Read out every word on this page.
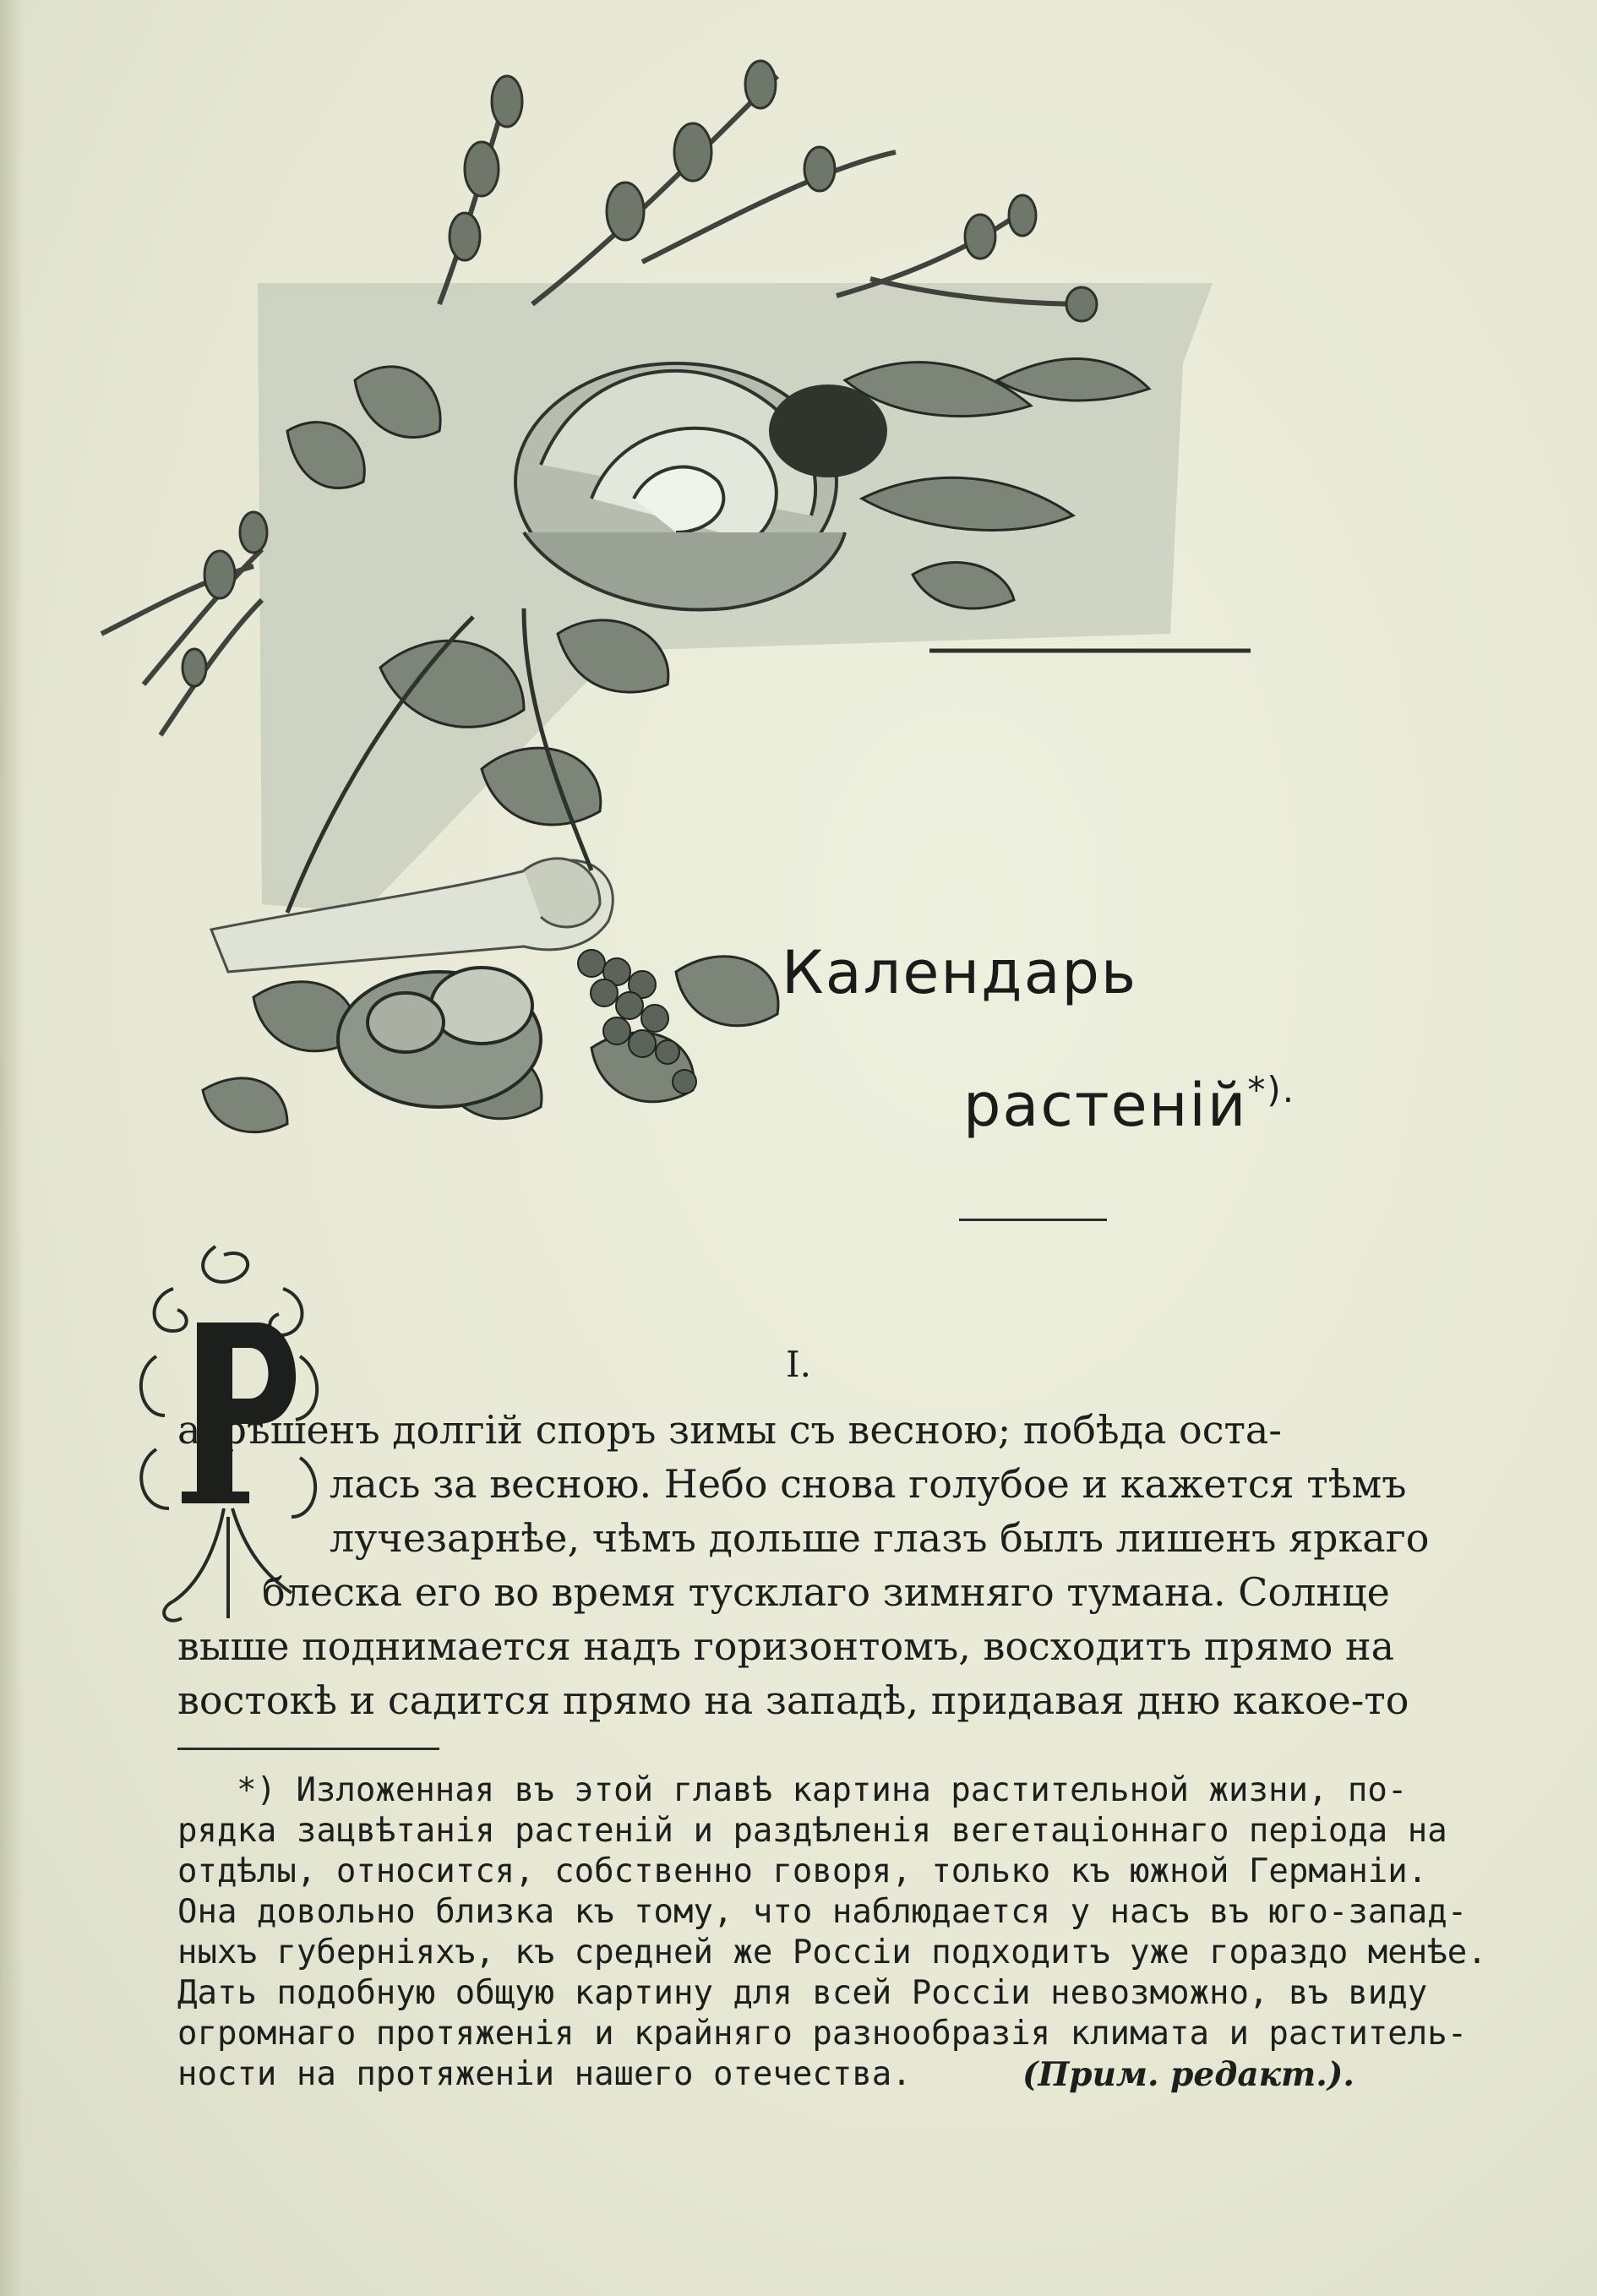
Календарь
растеній*).
Р
I.
азрѣшенъ долгій споръ зимы съ весною; побѣда оста-
лась за весною. Небо снова голубое и кажется тѣмъ
лучезарнѣе, чѣмъ дольше глазъ былъ лишенъ яркаго
блеска его во время тусклаго зимняго тумана. Солнце
выше поднимается надъ горизонтомъ, восходитъ прямо на
востокѣ и садится прямо на западѣ, придавая дню какое-то
*) Изложенная въ этой главѣ картина растительной жизни, по-
рядка зацвѣтанія растеній и раздѣленія вегетаціоннаго періода на
отдѣлы, относится, собственно говоря, только къ южной Германіи.
Она довольно близка къ тому, что наблюдается у насъ въ юго-запад-
ныхъ губерніяхъ, къ средней же Россіи подходитъ уже гораздо менѣе.
Дать подобную общую картину для всей Россіи невозможно, въ виду
огромнаго протяженія и крайняго разнообразія климата и раститель-
ности на протяженіи нашего отечества.	(Прим. редакт.).
